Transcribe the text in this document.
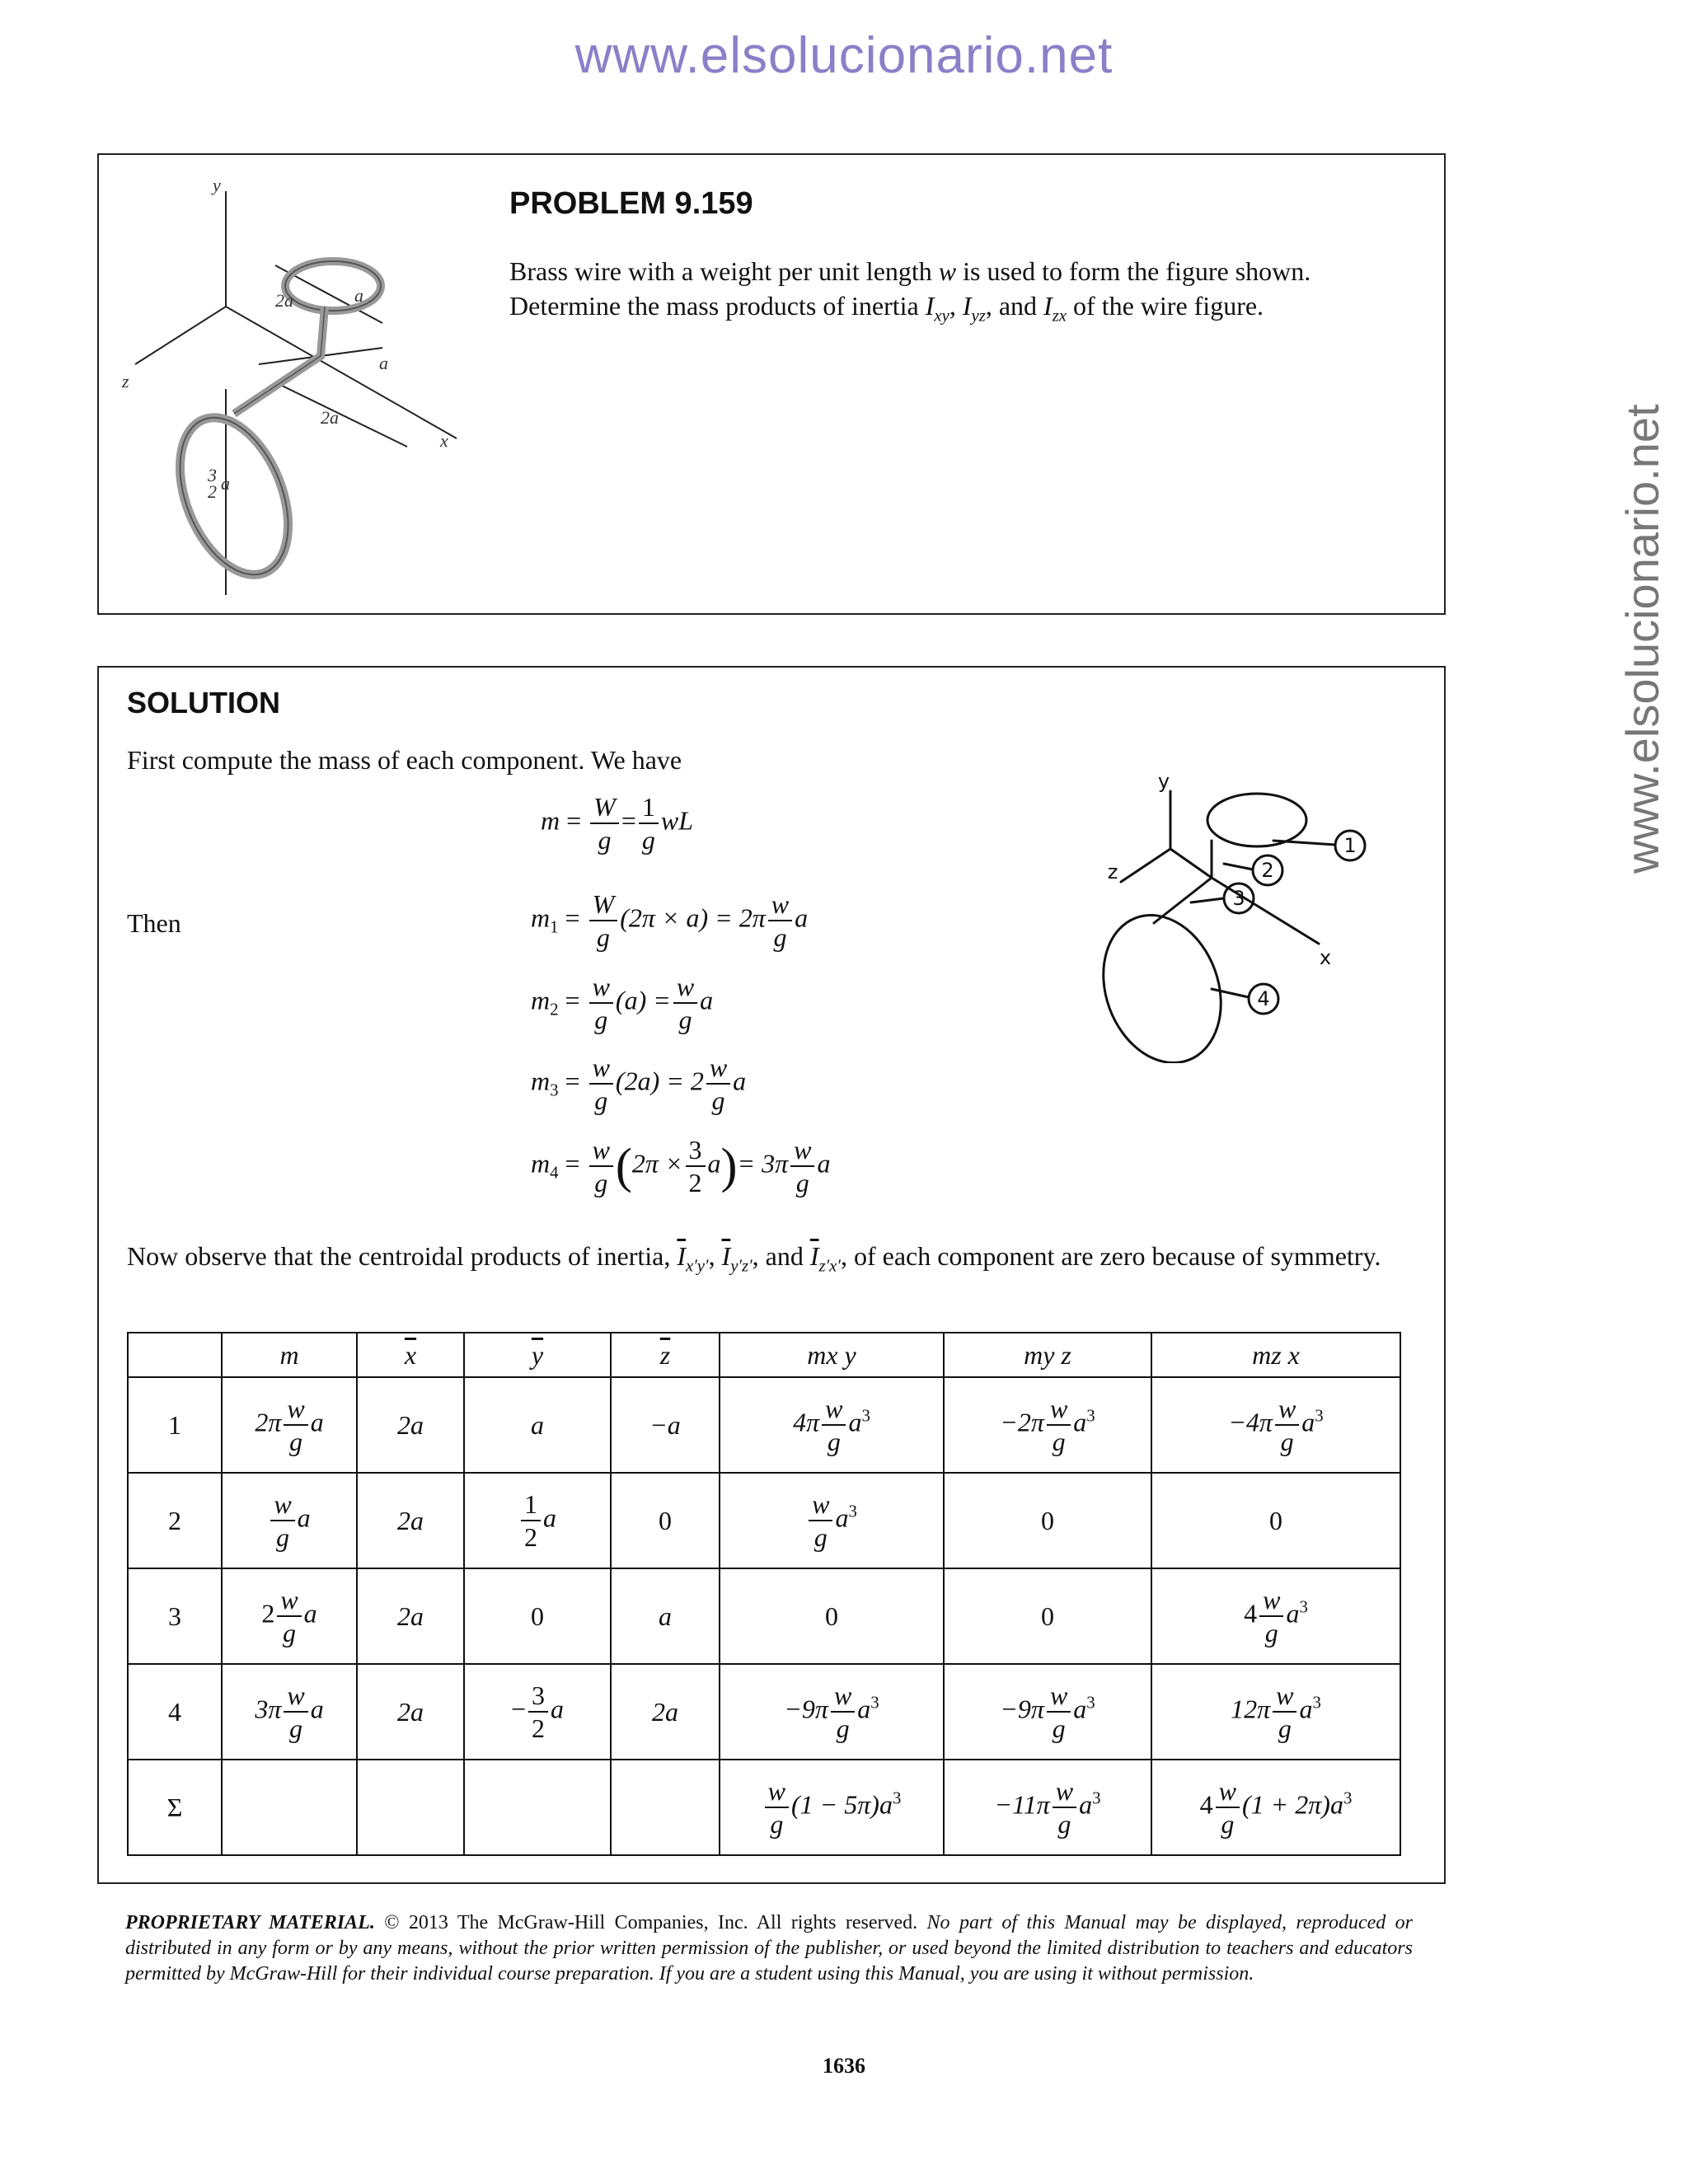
www.elsolucionario.net
www.elsolucionario.net
y
z
x
2a	a
a
2a
3
2 a
PROBLEM 9.159
Brass wire with a weight per unit length w is used to form the figure shown. Determine the mass products of inertia $I_{xy}$, $I_{yz}$, and $I_{zx}$ of the wire figure.
SOLUTION
First compute the mass of each component. We have
$m = \frac{W}{g} = \frac{1}{g}$ wL
Then	$m_1 = \frac{W}{g} (2\pi \times a) = 2\pi \frac{w}{g}$ a
$m_2 = \frac{w}{g} (a) = \frac{w}{g}$ a
$m_3 = \frac{w}{g} (2a) = 2 \frac{w}{g}$ a
$m_4 = \frac{w}{g} (2\pi \times \frac{3}{2} a)= 3\pi \frac{w}{g}$ a
y
z
x
1
2
3
4
Now observe that the centroidal products of inertia, $\overline{I}_{x'y'}$, $\overline{I}_{y'z'}$, and $\overline{I}_{z'x'}$, of each component are zero because of symmetry.
	m	$\overline{x}$	$\overline{y}$	$\overline{z}$	mx y	my z	mz x
1	$2\pi \frac{w}{g}$ a	2a	a	−a	$4\pi \frac{w}{g} a^3$	$-2\pi \frac{w}{g} a^3$	$-4\pi \frac{w}{g} a^3$
2	$\frac{w}{g}$ a	2a	$\frac{1}{2}$ a	0	$\frac{w}{g} a^3$	0	0
3	$2 \frac{w}{g}$ a	2a	0	a	0	0	$4 \frac{w}{g} a^3$
4	$3\pi \frac{w}{g}$ a	2a	− $\frac{3}{2}$ a	2a	$-9\pi \frac{w}{g} a^3$	$-9\pi \frac{w}{g} a^3$	$12\pi \frac{w}{g} a^3$
Σ					$\frac{w}{g} (1 - 5\pi)a^3$	$-11\pi \frac{w}{g} a^3$	$4 \frac{w}{g} (1 + 2\pi)a^3$
PROPRIETARY MATERIAL. © 2013 The McGraw-Hill Companies, Inc. All rights reserved. No part of this Manual may be displayed, reproduced or distributed in any form or by any means, without the prior written permission of the publisher, or used beyond the limited distribution to teachers and educators permitted by McGraw-Hill for their individual course preparation. If you are a student using this Manual, you are using it without permission.
1636
